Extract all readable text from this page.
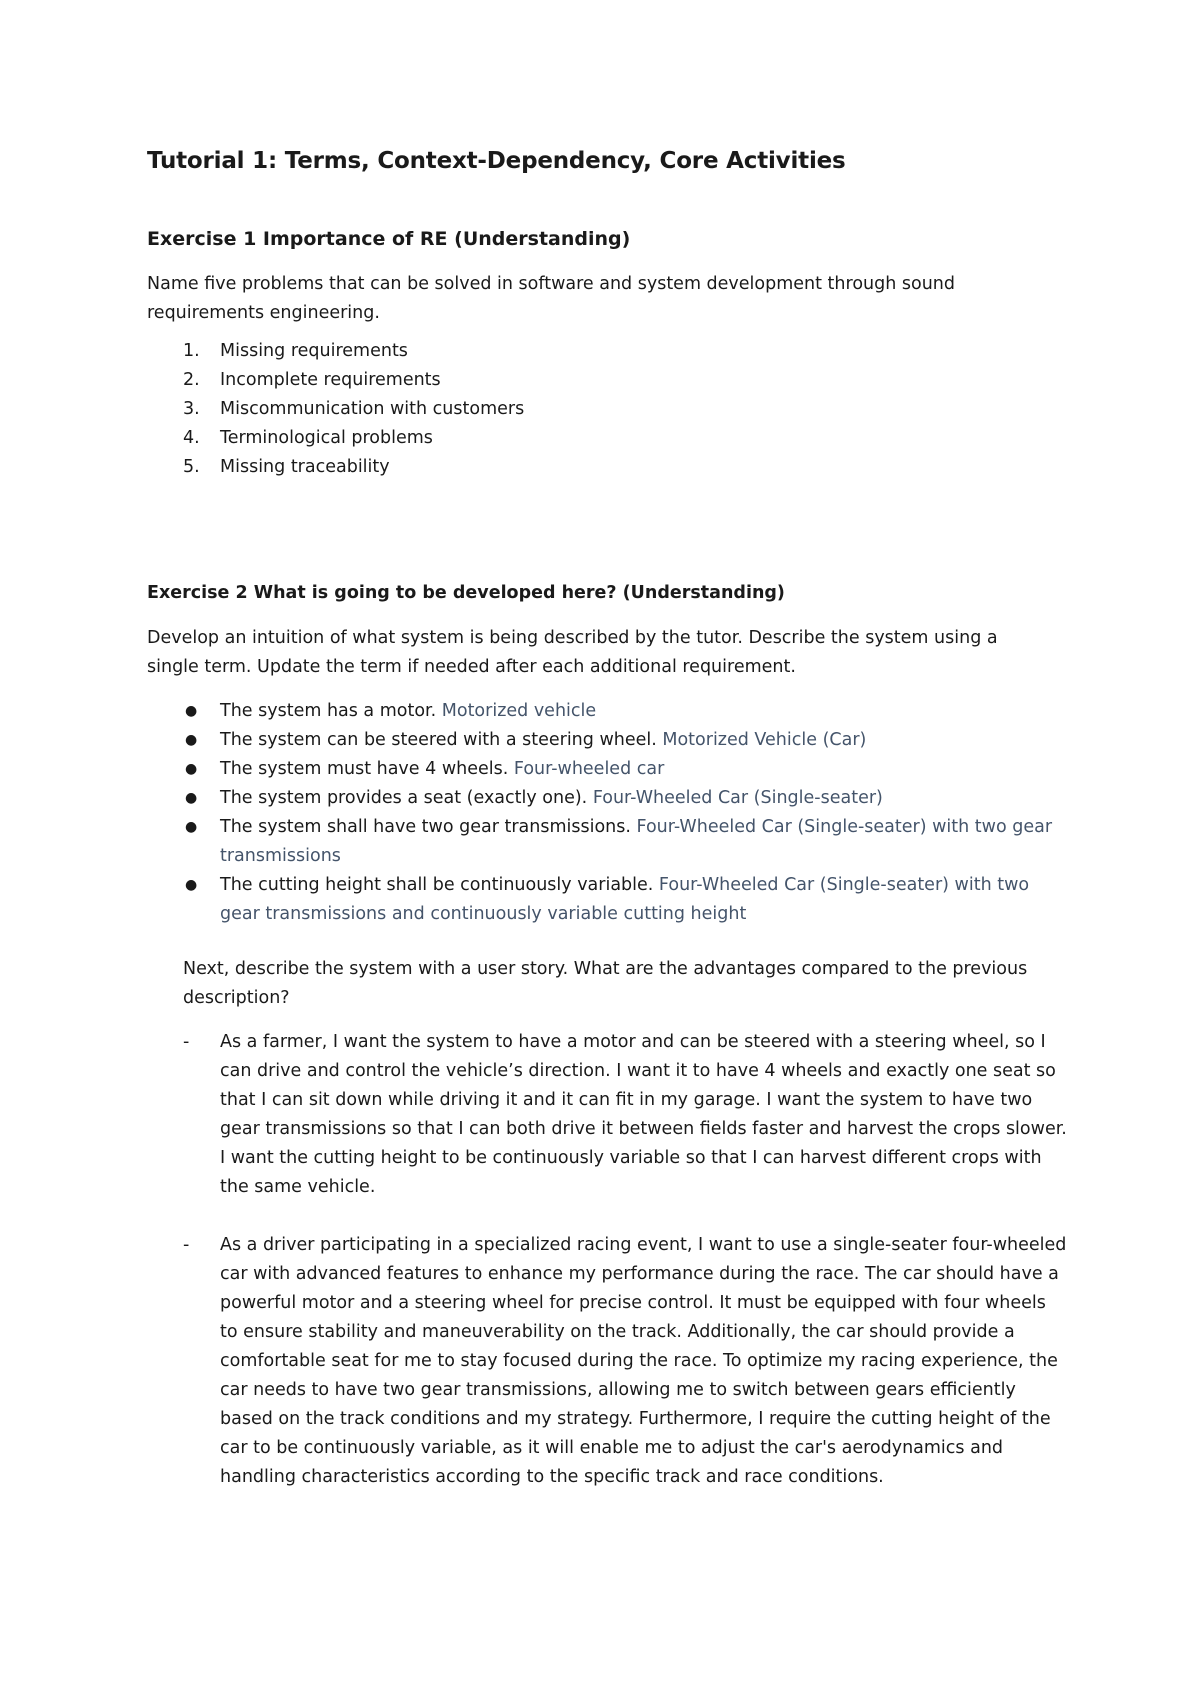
Tutorial 1: Terms, Context-Dependency, Core Activities
Exercise 1 Importance of RE (Understanding)

Name five problems that can be solved in software and system development through sound requirements engineering.

1.	Missing requirements
2.	Incomplete requirements
3.	Miscommunication with customers
4.	Terminological problems
5.	Missing traceability
Exercise 2 What is going to be developed here? (Understanding)

Develop an intuition of what system is being described by the tutor. Describe the system using a single term. Update the term if needed after each additional requirement.

● The system has a motor. Motorized vehicle
● The system can be steered with a steering wheel. Motorized Vehicle (Car)
● The system must have 4 wheels. Four-wheeled car
● The system provides a seat (exactly one). Four-Wheeled Car (Single-seater)
● The system shall have two gear transmissions. Four-Wheeled Car (Single-seater) with two gear transmissions
● The cutting height shall be continuously variable. Four-Wheeled Car (Single-seater) with two gear transmissions and continuously variable cutting height

Next, describe the system with a user story. What are the advantages compared to the previous description?

- As a farmer, I want the system to have a motor and can be steered with a steering wheel, so I can drive and control the vehicle’s direction. I want it to have 4 wheels and exactly one seat so that I can sit down while driving it and it can fit in my garage. I want the system to have two gear transmissions so that I can both drive it between fields faster and harvest the crops slower. I want the cutting height to be continuously variable so that I can harvest different crops with the same vehicle.
- As a driver participating in a specialized racing event, I want to use a single-seater four-wheeled car with advanced features to enhance my performance during the race. The car should have a powerful motor and a steering wheel for precise control. It must be equipped with four wheels to ensure stability and maneuverability on the track. Additionally, the car should provide a comfortable seat for me to stay focused during the race. To optimize my racing experience, the car needs to have two gear transmissions, allowing me to switch between gears efficiently based on the track conditions and my strategy. Furthermore, I require the cutting height of the car to be continuously variable, as it will enable me to adjust the car's aerodynamics and handling characteristics according to the specific track and race conditions.
